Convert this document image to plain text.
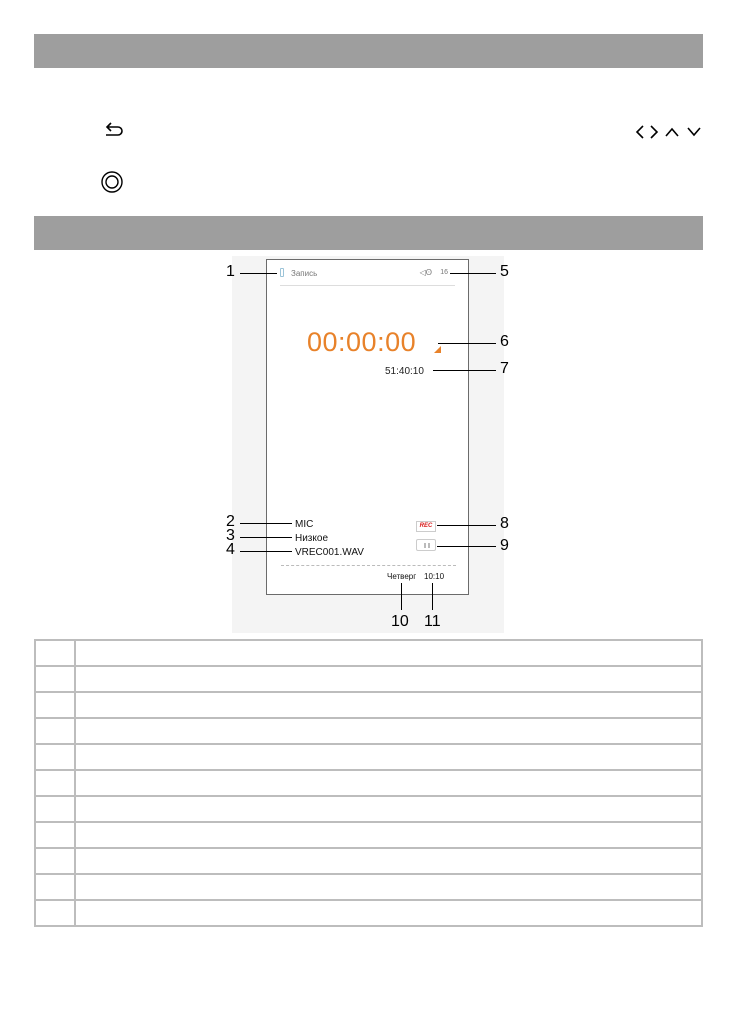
Запись	◁ʘ 16
00:00:00
51:40:10
MIC
Низкое
VREC001.WAV
REC
Четверг 10:10
1
2
3
4
5
6
7
8
9
10 11
